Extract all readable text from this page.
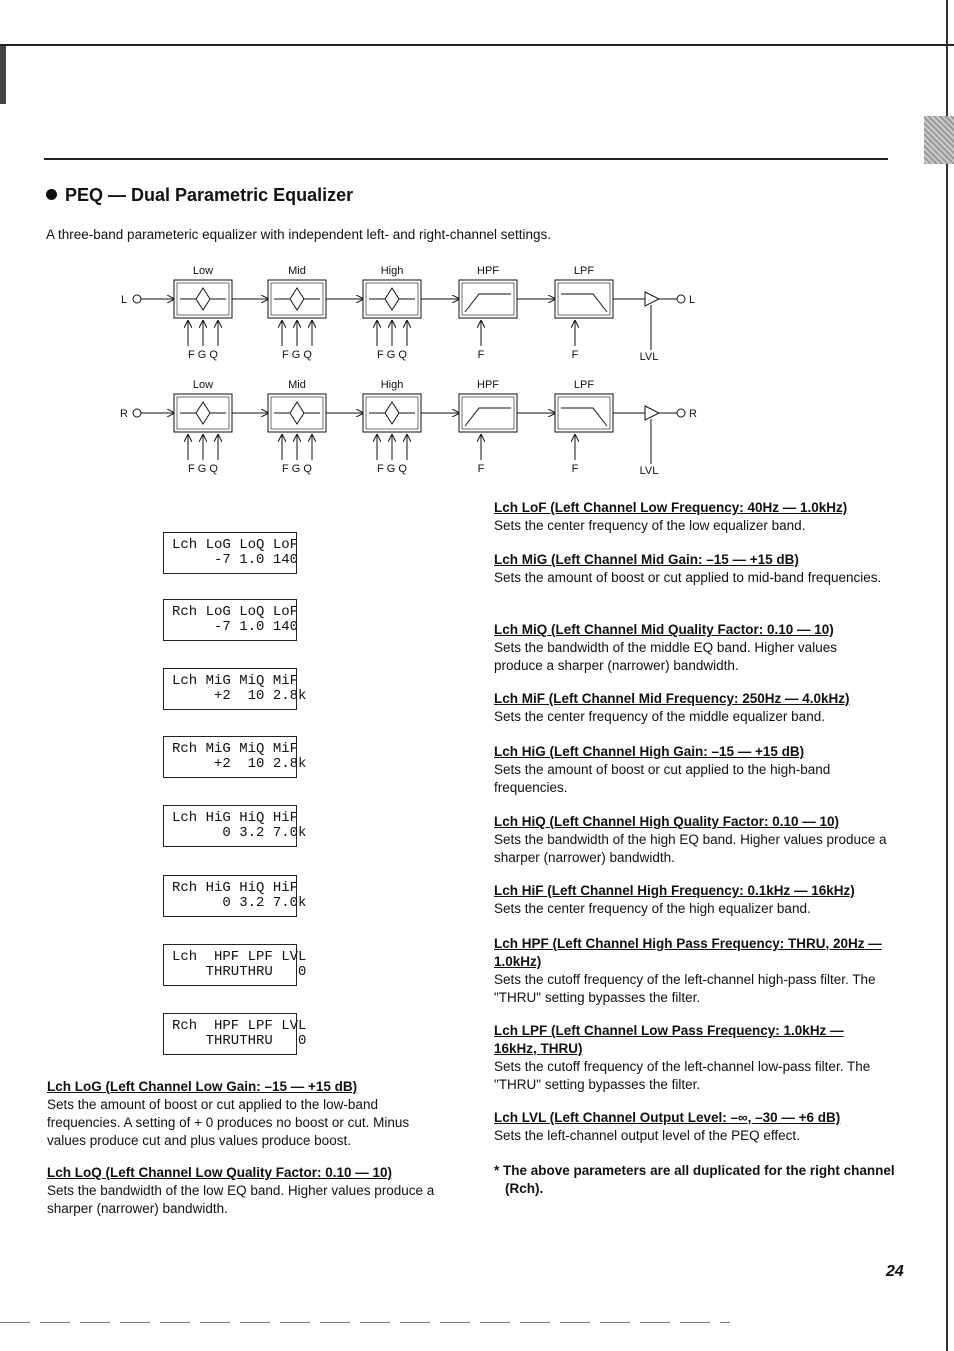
PEQ — Dual Parametric Equalizer
A three-band parameteric equalizer with independent left- and right-channel settings.
L
Low
F G Q
Mid
F G Q
High
F G Q
HPF
F
LPF
F
L
LVL
R
Low
F G Q
Mid
F G Q
High
F G Q
HPF
F
LPF
F
R
LVL
Lch LoG LoQ LoF

-7 1.0 140
Rch LoG LoQ LoF

-7 1.0 140
Lch MiG MiQ MiF

+2  10 2.8k
Rch MiG MiQ MiF

+2  10 2.8k
Lch HiG HiQ HiF

0 3.2 7.0k
Rch HiG HiQ HiF

0 3.2 7.0k
Lch  HPF LPF LVL

THRUTHRU   0
Rch  HPF LPF LVL

THRUTHRU   0
Lch LoG (Left Channel Low Gain: –15 — +15 dB)
Sets the amount of boost or cut applied to the low-band frequencies. A setting of + 0 produces no boost or cut. Minus values produce cut and plus values produce boost.
Lch LoQ (Left Channel Low Quality Factor: 0.10 — 10)
Sets the bandwidth of the low EQ band. Higher values produce a sharper (narrower) bandwidth.
Lch LoF (Left Channel Low Frequency: 40Hz — 1.0kHz)
Sets the center frequency of the low equalizer band.
Lch MiG (Left Channel Mid Gain: –15 — +15 dB)
Sets the amount of boost or cut applied to mid-band frequencies.
Lch MiQ (Left Channel Mid Quality Factor: 0.10 — 10)
Sets the bandwidth of the middle EQ band. Higher values produce a sharper (narrower) bandwidth.
Lch MiF (Left Channel Mid Frequency: 250Hz — 4.0kHz)
Sets the center frequency of the middle equalizer band.
Lch HiG (Left Channel High Gain: –15 — +15 dB)
Sets the amount of boost or cut applied to the high-band frequencies.
Lch HiQ (Left Channel High Quality Factor: 0.10 — 10)
Sets the bandwidth of the high EQ band. Higher values produce a sharper (narrower) bandwidth.
Lch HiF (Left Channel High Frequency: 0.1kHz — 16kHz)
Sets the center frequency of the high equalizer band.
Lch HPF (Left Channel High Pass Frequency: THRU, 20Hz — 1.0kHz)
Sets the cutoff frequency of the left-channel high-pass filter. The "THRU" setting bypasses the filter.
Lch LPF (Left Channel Low Pass Frequency: 1.0kHz — 16kHz, THRU)
Sets the cutoff frequency of the left-channel low-pass filter. The "THRU" setting bypasses the filter.
Lch LVL (Left Channel Output Level: –∞, –30 — +6 dB)
Sets the left-channel output level of the PEQ effect.
* The above parameters are all duplicated for the right channel (Rch).
24
